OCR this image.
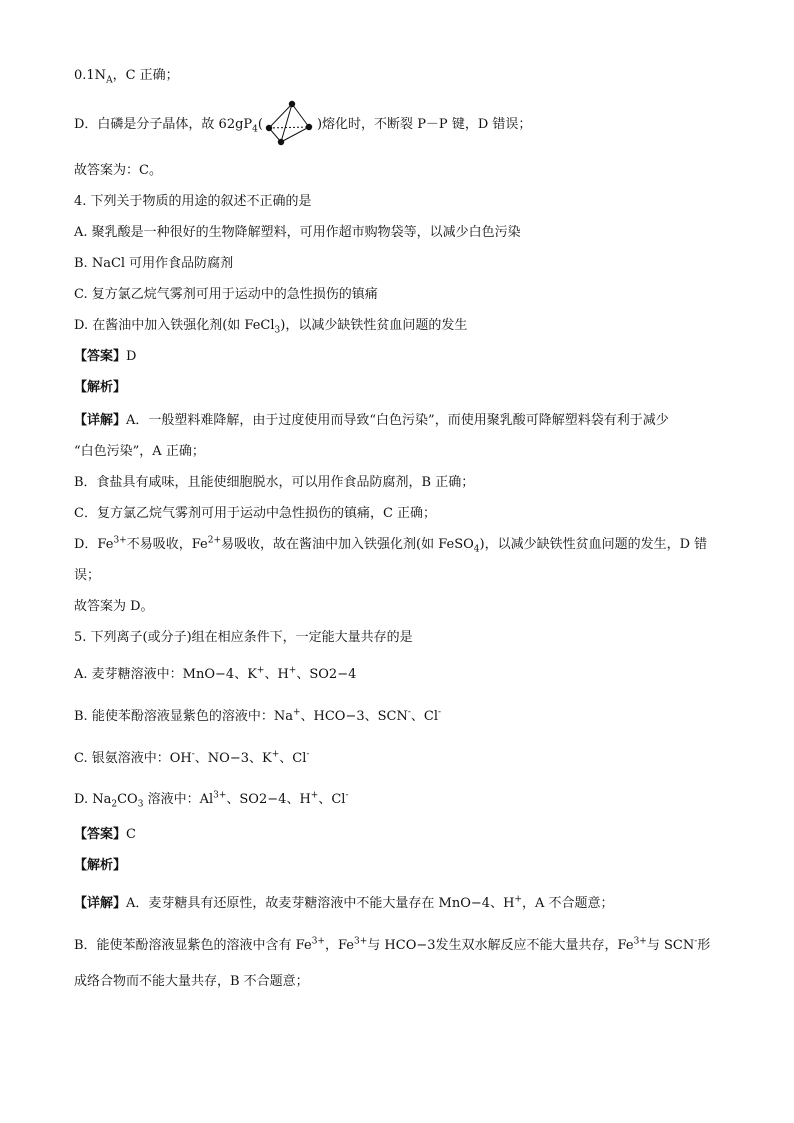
$0.1N_A$，C 正确；
D．白磷是分子晶体，故 $62gP_4$(	)熔化时，不断裂 P－P 键，D 错误；
故答案为：C。
4. 下列关于物质的用途的叙述不正确的是
A. 聚乳酸是一种很好的生物降解塑料，可用作超市购物袋等，以减少白色污染
B. NaCl 可用作食品防腐剂
C. 复方氯乙烷气雾剂可用于运动中的急性损伤的镇痛
D. 在酱油中加入铁强化剂(如 FeCl$_3$)，以减少缺铁性贫血问题的发生
【答案】D
【解析】
【详解】A．一般塑料难降解，由于过度使用而导致“白色污染”，而使用聚乳酸可降解塑料袋有利于减少
“白色污染”，A 正确；
B．食盐具有咸味，且能使细胞脱水，可以用作食品防腐剂，B 正确；
C．复方氯乙烷气雾剂可用于运动中急性损伤的镇痛，C 正确；
D．$Fe^{3+}$不易吸收，$Fe^{2+}$易吸收，故在酱油中加入铁强化剂(如 FeSO$_4$)，以减少缺铁性贫血问题的发生，D 错
误；
故答案为 D。
5. 下列离子(或分子)组在相应条件下，一定能大量共存的是
A. 麦芽糖溶液中：MnO−4、K+、H+、SO2−4
B. 能使苯酚溶液显紫色的溶液中：Na+、HCO−3、SCN-、Cl-
C. 银氨溶液中：OH-、NO−3、K+、Cl-
D. $Na_2CO_3$ 溶液中：$Al^{3+}$、SO2−4、H+、Cl-
【答案】C
【解析】
【详解】A．麦芽糖具有还原性，故麦芽糖溶液中不能大量存在 MnO−4、H+，A 不合题意；
B．能使苯酚溶液显紫色的溶液中含有 $Fe^{3+}$，$Fe^{3+}$与 HCO−3发生双水解反应不能大量共存，$Fe^{3+}$与 SCN-形
成络合物而不能大量共存，B 不合题意；
